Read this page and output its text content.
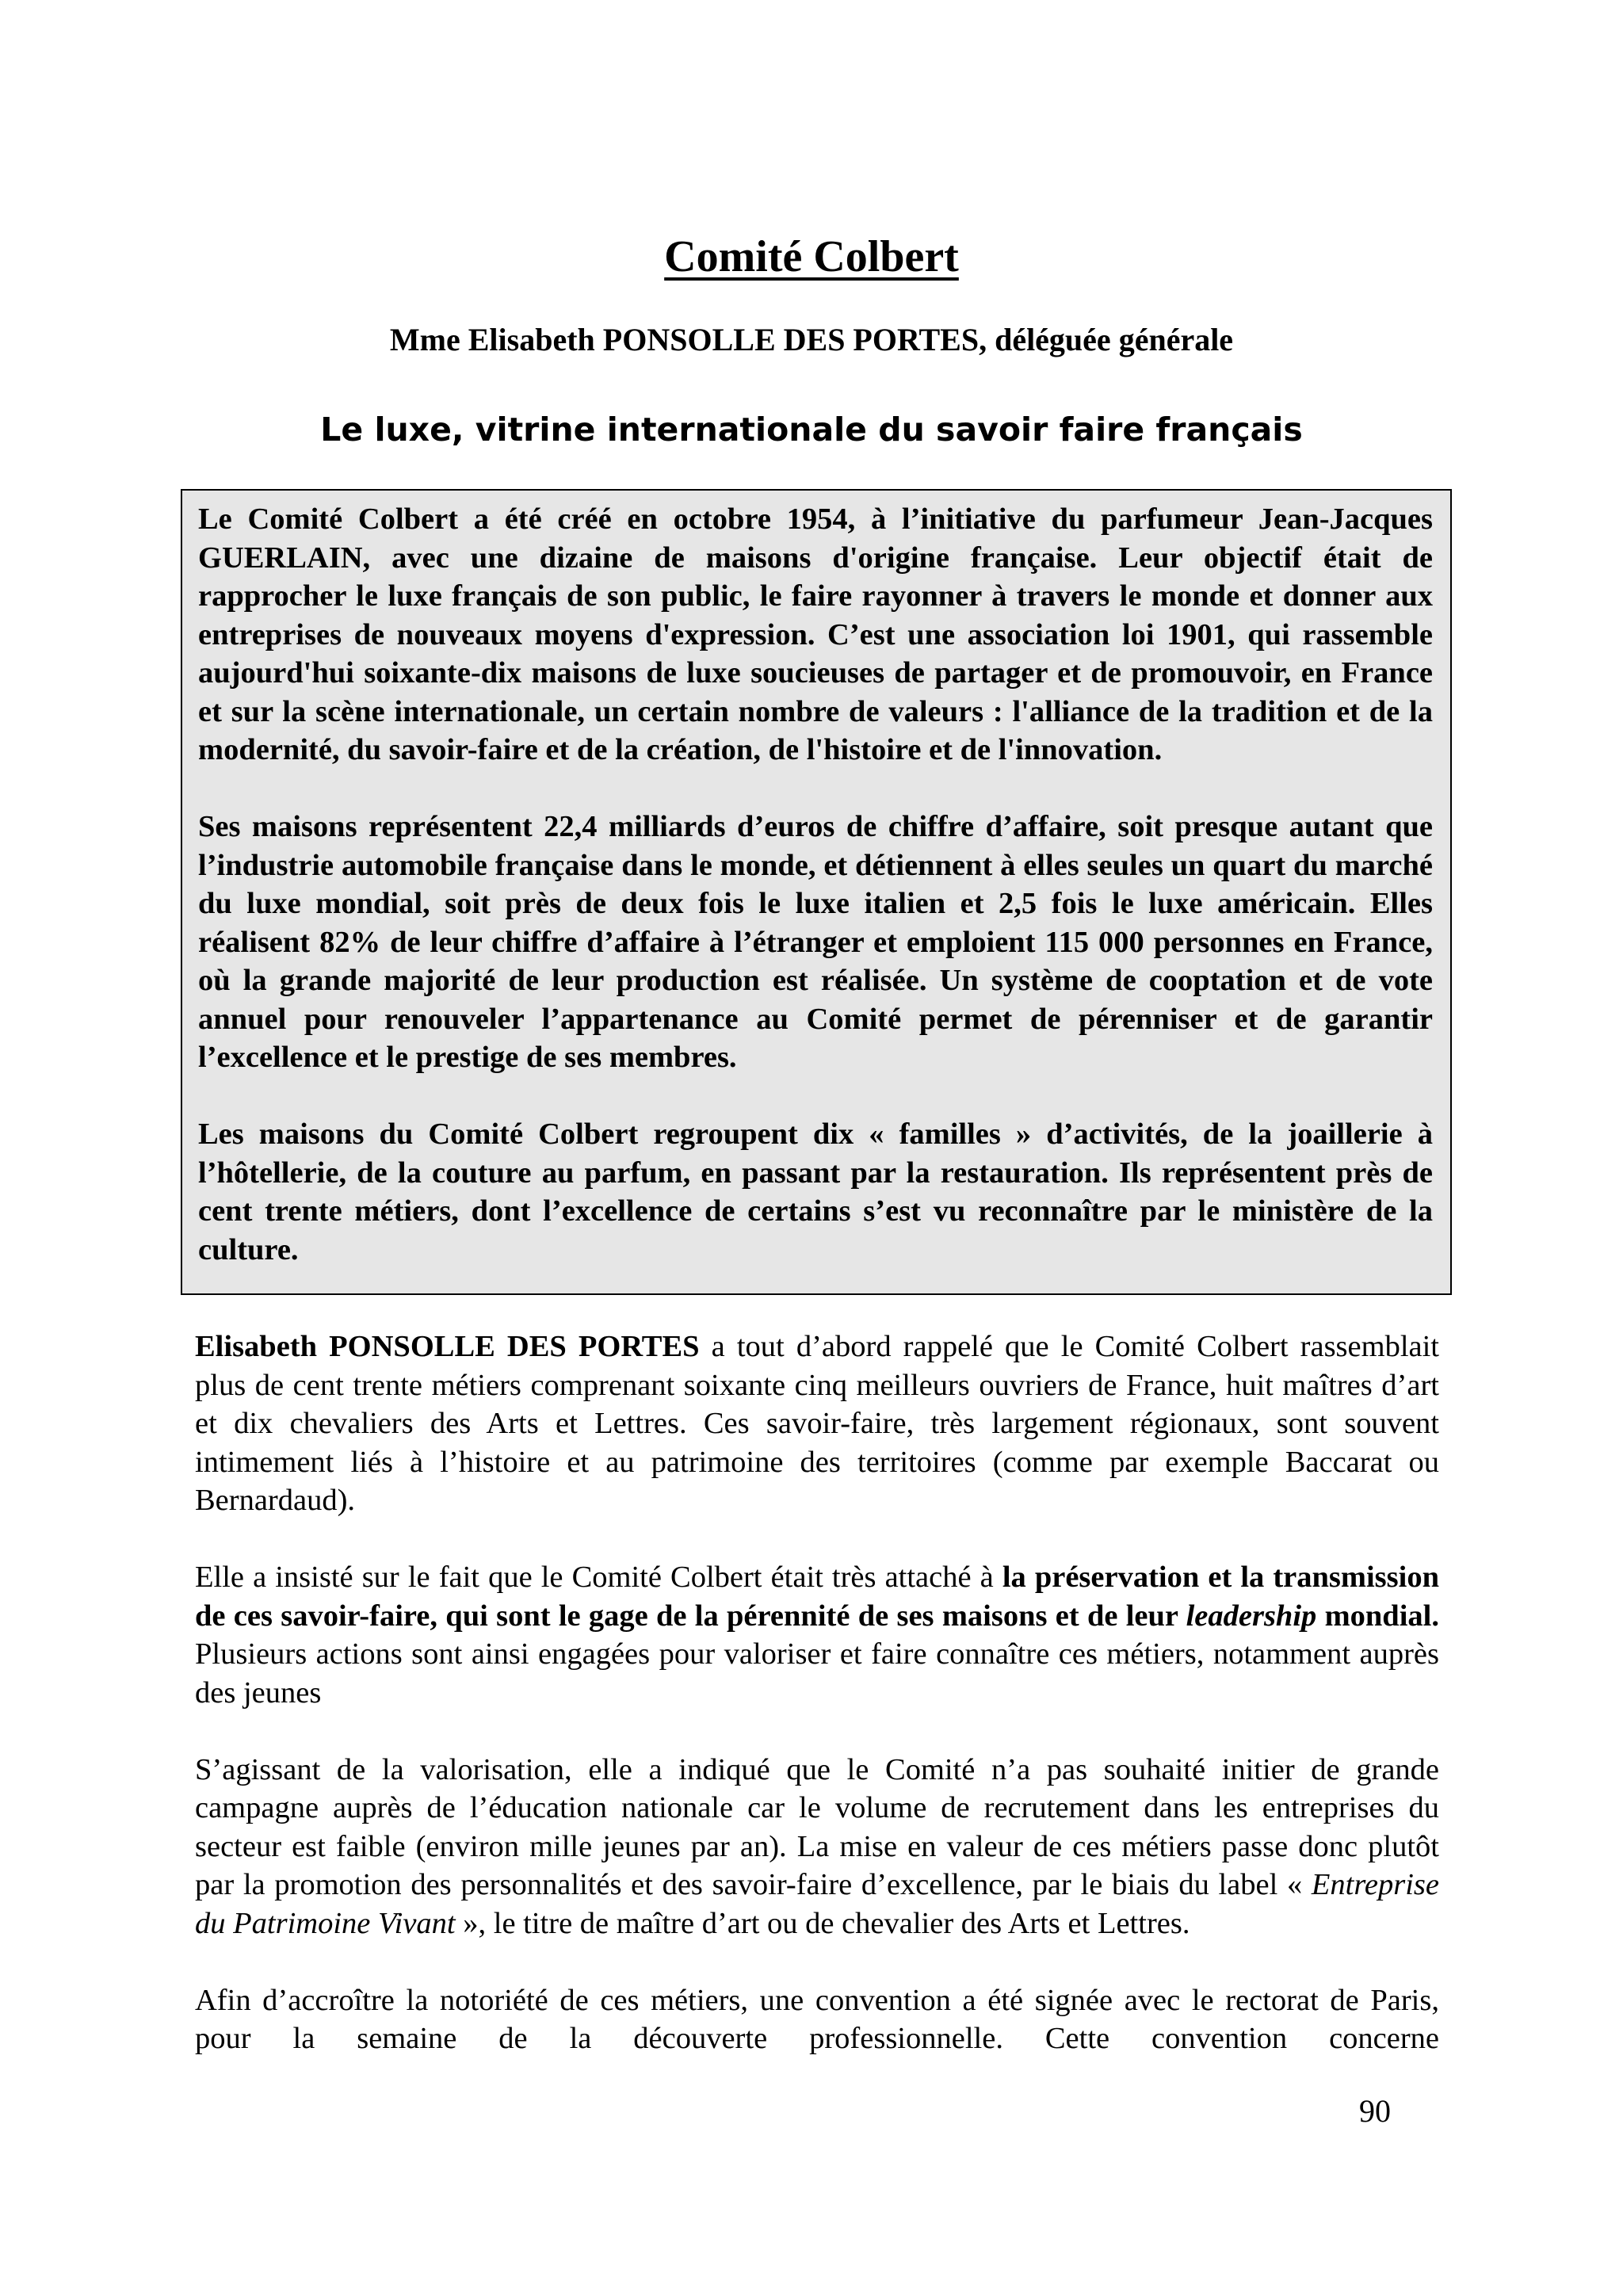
Comité Colbert

Mme Elisabeth PONSOLLE DES PORTES, déléguée générale

Le luxe, vitrine internationale du savoir faire français

Le Comité Colbert a été créé en octobre 1954, à l’initiative du parfumeur Jean-Jacques GUERLAIN, avec une dizaine de maisons d'origine française. Leur objectif était de rapprocher le luxe français de son public, le faire rayonner à travers le monde et donner aux entreprises de nouveaux moyens d'expression. C’est une association loi 1901, qui rassemble aujourd'hui soixante-dix maisons de luxe soucieuses de partager et de promouvoir, en France et sur la scène internationale, un certain nombre de valeurs : l'alliance de la tradition et de la modernité, du savoir-faire et de la création, de l'histoire et de l'innovation.

Ses maisons représentent 22,4 milliards d’euros de chiffre d’affaire, soit presque autant que l’industrie automobile française dans le monde, et détiennent à elles seules un quart du marché du luxe mondial, soit près de deux fois le luxe italien et 2,5 fois le luxe américain. Elles réalisent 82% de leur chiffre d’affaire à l’étranger et emploient 115 000 personnes en France, où la grande majorité de leur production est réalisée. Un système de cooptation et de vote annuel pour renouveler l’appartenance au Comité permet de pérenniser et de garantir l’excellence et le prestige de ses membres.

Les maisons du Comité Colbert regroupent dix « familles » d’activités, de la joaillerie à l’hôtellerie, de la couture au parfum, en passant par la restauration. Ils représentent près de cent trente métiers, dont l’excellence de certains s’est vu reconnaître par le ministère de la culture.

Elisabeth PONSOLLE DES PORTES a tout d’abord rappelé que le Comité Colbert rassemblait plus de cent trente métiers comprenant soixante cinq meilleurs ouvriers de France, huit maîtres d’art et dix chevaliers des Arts et Lettres. Ces savoir-faire, très largement régionaux, sont souvent intimement liés à l’histoire et au patrimoine des territoires (comme par exemple Baccarat ou Bernardaud).

Elle a insisté sur le fait que le Comité Colbert était très attaché à la préservation et la transmission de ces savoir-faire, qui sont le gage de la pérennité de ses maisons et de leur leadership mondial. Plusieurs actions sont ainsi engagées pour valoriser et faire connaître ces métiers, notamment auprès des jeunes

S’agissant de la valorisation, elle a indiqué que le Comité n’a pas souhaité initier de grande campagne auprès de l’éducation nationale car le volume de recrutement dans les entreprises du secteur est faible (environ mille jeunes par an). La mise en valeur de ces métiers passe donc plutôt par la promotion des personnalités et des savoir-faire d’excellence, par le biais du label « Entreprise du Patrimoine Vivant », le titre de maître d’art ou de chevalier des Arts et Lettres.

Afin d’accroître la notoriété de ces métiers, une convention a été signée avec le rectorat de Paris, pour la semaine de la découverte professionnelle. Cette convention concerne

90
